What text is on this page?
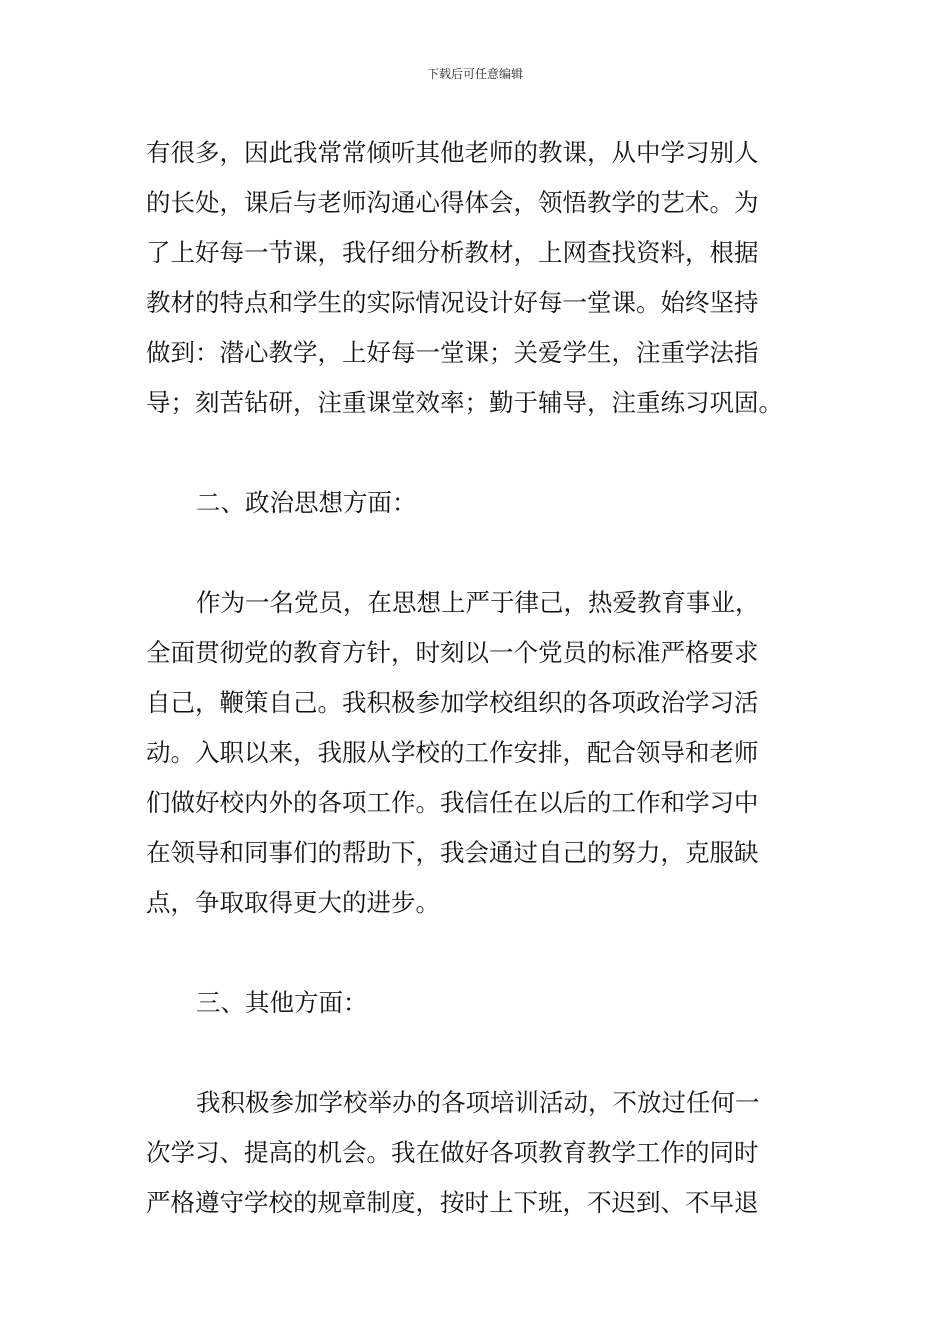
下载后可任意编辑
有很多，因此我常常倾听其他老师的教课，从中学习别人
的长处，课后与老师沟通心得体会，领悟教学的艺术。为
了上好每一节课，我仔细分析教材，上网查找资料，根据
教材的特点和学生的实际情况设计好每一堂课。始终坚持
做到：潜心教学，上好每一堂课；关爱学生，注重学法指
导；刻苦钻研，注重课堂效率；勤于辅导，注重练习巩固。
二、政治思想方面：
作为一名党员，在思想上严于律己，热爱教育事业，
全面贯彻党的教育方针，时刻以一个党员的标准严格要求
自己，鞭策自己。我积极参加学校组织的各项政治学习活
动。入职以来，我服从学校的工作安排，配合领导和老师
们做好校内外的各项工作。我信任在以后的工作和学习中
在领导和同事们的帮助下，我会通过自己的努力，克服缺
点，争取取得更大的进步。
三、其他方面：
我积极参加学校举办的各项培训活动，不放过任何一
次学习、提高的机会。我在做好各项教育教学工作的同时
严格遵守学校的规章制度，按时上下班，不迟到、不早退
